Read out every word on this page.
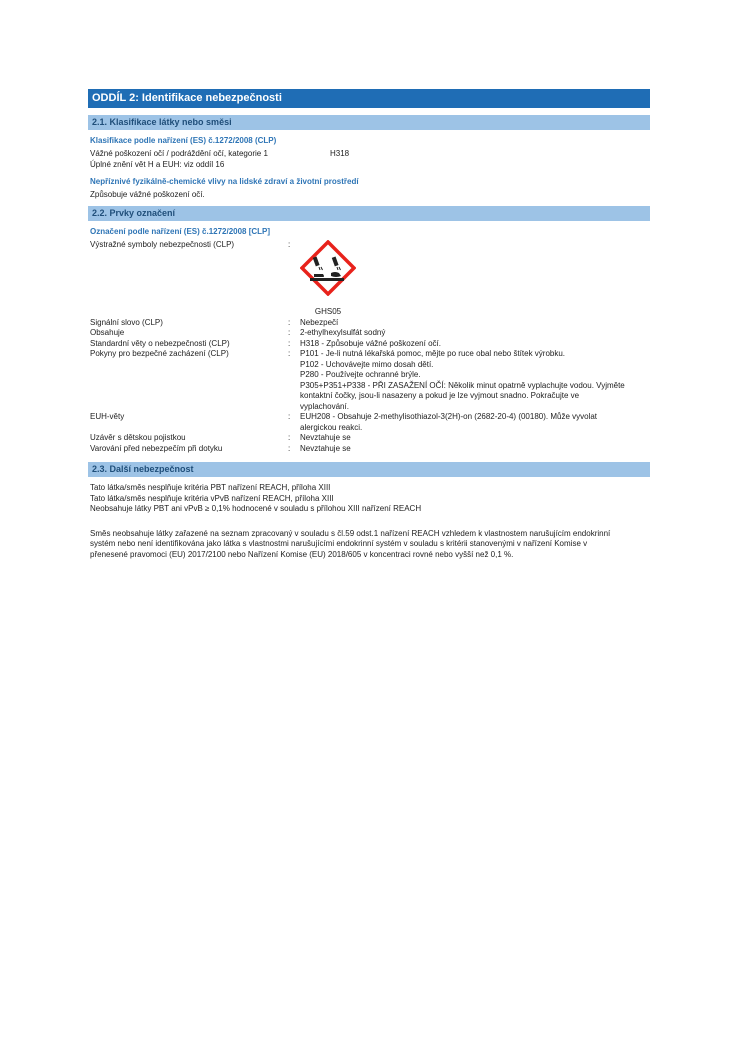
ODDÍL 2: Identifikace nebezpečnosti
2.1. Klasifikace látky nebo směsi
Klasifikace podle nařízení (ES) č.1272/2008 (CLP)
Vážné poškození očí / podráždění očí, kategorie 1	H318
Úplné znění vět H a EUH: viz oddíl 16
Nepříznivé fyzikálně-chemické vlivy na lidské zdraví a životní prostředí
Způsobuje vážné poškození očí.
2.2. Prvky označení
Označení podle nařízení (ES) č.1272/2008 [CLP]
Výstražné symboly nebezpečnosti (CLP)	:
GHS05
Signální slovo (CLP)	:	Nebezpečí
Obsahuje	:	2-ethylhexylsulfát sodný
Standardní věty o nebezpečnosti (CLP)	:	H318 - Způsobuje vážné poškození očí.
Pokyny pro bezpečné zacházení (CLP)	:	P101 - Je-li nutná lékařská pomoc, mějte po ruce obal nebo štítek výrobku.
P102 - Uchovávejte mimo dosah dětí.
P280 - Používejte ochranné brýle.
P305+P351+P338 - PŘI ZASAŽENÍ OČÍ: Několik minut opatrně vyplachujte vodou. Vyjměte
kontaktní čočky, jsou-li nasazeny a pokud je lze vyjmout snadno. Pokračujte ve
vyplachování.
EUH-věty	:	EUH208 - Obsahuje 2-methylisothiazol-3(2H)-on (2682-20-4) (00180). Může vyvolat
alergickou reakci.
Uzávěr s dětskou pojistkou	:	Nevztahuje se
Varování před nebezpečím při dotyku	:	Nevztahuje se
2.3. Další nebezpečnost
Tato látka/směs nesplňuje kritéria PBT nařízení REACH, příloha XIII
Tato látka/směs nesplňuje kritéria vPvB nařízení REACH, příloha XIII
Neobsahuje látky PBT ani vPvB ≥ 0,1% hodnocené v souladu s přílohou XIII nařízení REACH
Směs neobsahuje látky zařazené na seznam zpracovaný v souladu s čl.59 odst.1 nařízení REACH vzhledem k vlastnostem narušujícím endokrinní
systém nebo není identifikována jako látka s vlastnostmi narušujícími endokrinní systém v souladu s kritérii stanovenými v nařízení Komise v
přenesené pravomoci (EU) 2017/2100 nebo Nařízení Komise (EU) 2018/605 v koncentraci rovné nebo vyšší než 0,1 %.
